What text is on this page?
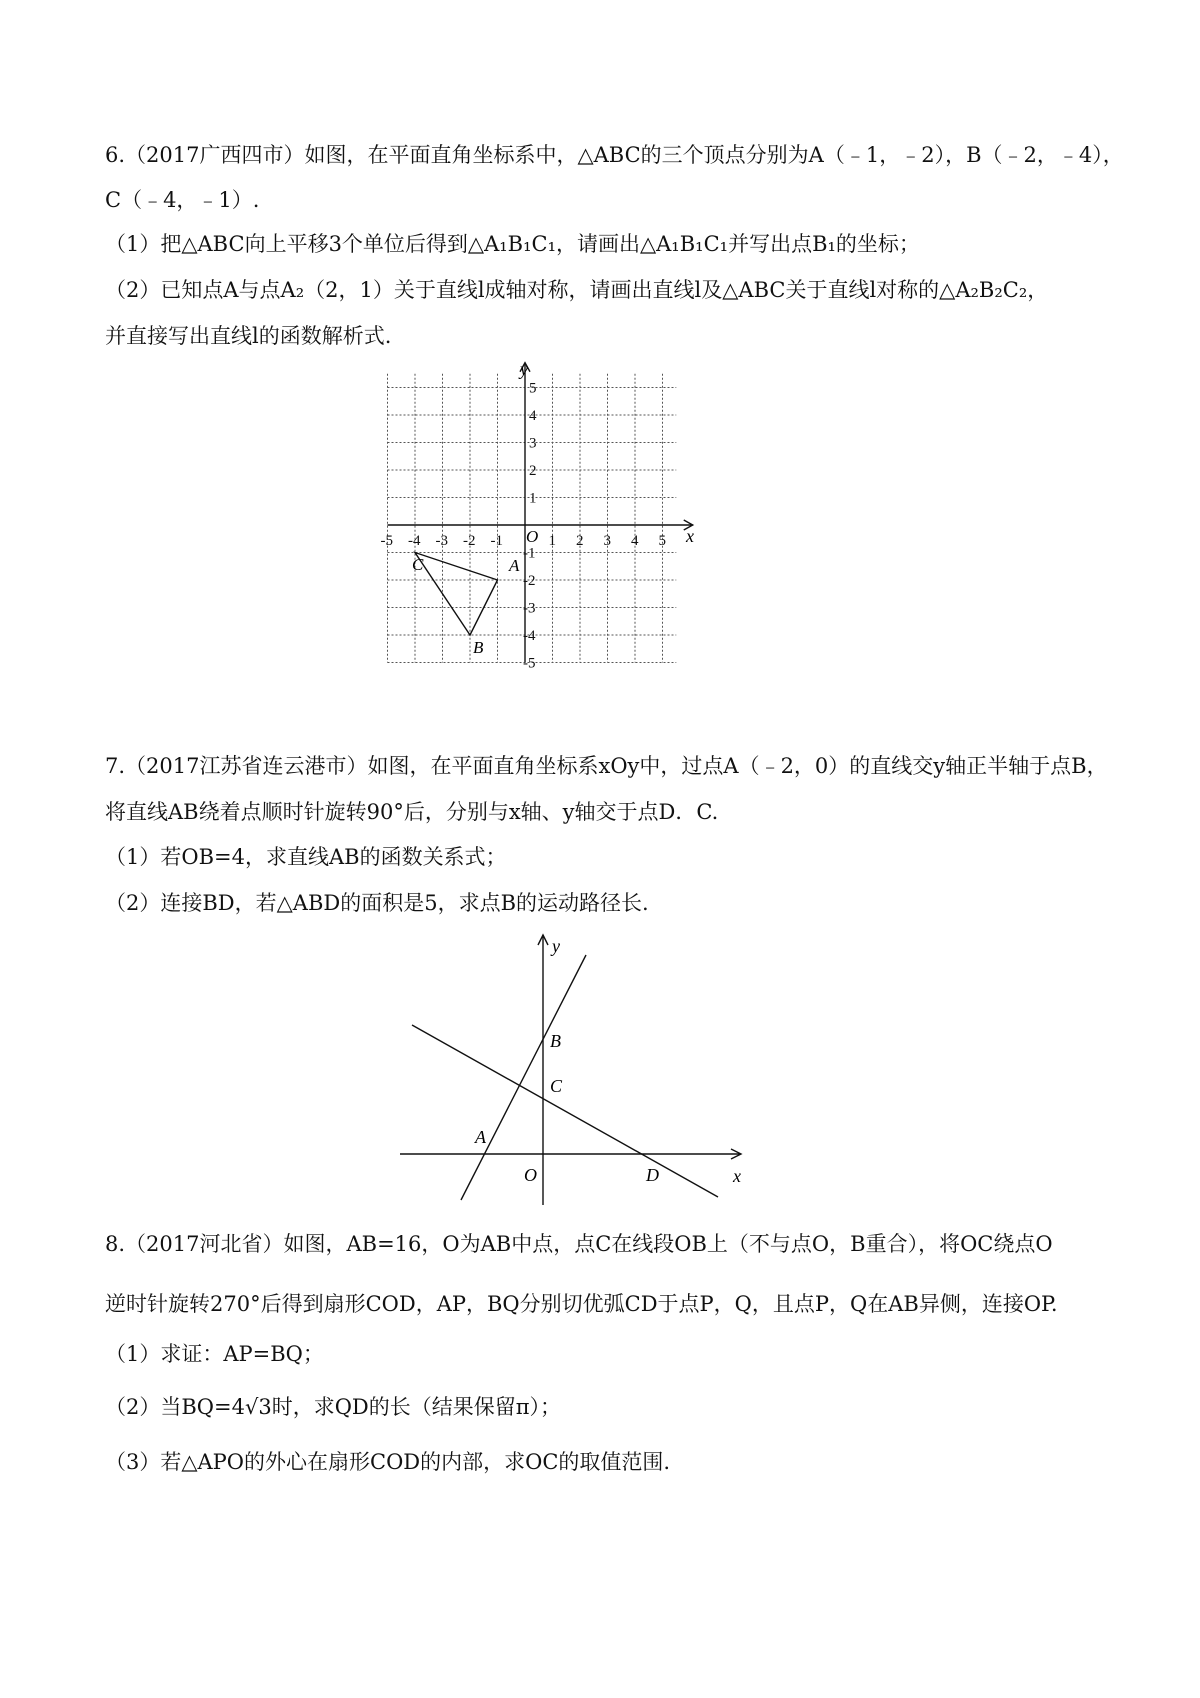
6.（2017广西四市）如图，在平面直角坐标系中，△ABC的三个顶点分别为A（﹣1，﹣2），B（﹣2，﹣4），
C（﹣4，﹣1）.
（1）把△ABC向上平移3个单位后得到△A₁B₁C₁，请画出△A₁B₁C₁并写出点B₁的坐标；
（2）已知点A与点A₂（2，1）关于直线l成轴对称，请画出直线l及△ABC关于直线l对称的△A₂B₂C₂，
并直接写出直线l的函数解析式.
-5 -4 -3 -2 -1	1 2 3 4 5
5
4
3
2
1
-1
-2
-3
-4
-5
y
x
O
C	A
B
7.（2017江苏省连云港市）如图，在平面直角坐标系xOy中，过点A（﹣2，0）的直线交y轴正半轴于点B，
将直线AB绕着点顺时针旋转90°后，分别与x轴、y轴交于点D．C.
（1）若OB=4，求直线AB的函数关系式；
（2）连接BD，若△ABD的面积是5，求点B的运动路径长.
y
x
B
C
A
O	D
8.（2017河北省）如图，AB=16，O为AB中点，点C在线段OB上（不与点O，B重合），将OC绕点O
逆时针旋转270°后得到扇形COD，AP，BQ分别切优弧CD于点P，Q，且点P，Q在AB异侧，连接OP.
（1）求证：AP=BQ；
（2）当BQ=4√3时，求QD的长（结果保留π）；
（3）若△APO的外心在扇形COD的内部，求OC的取值范围.
